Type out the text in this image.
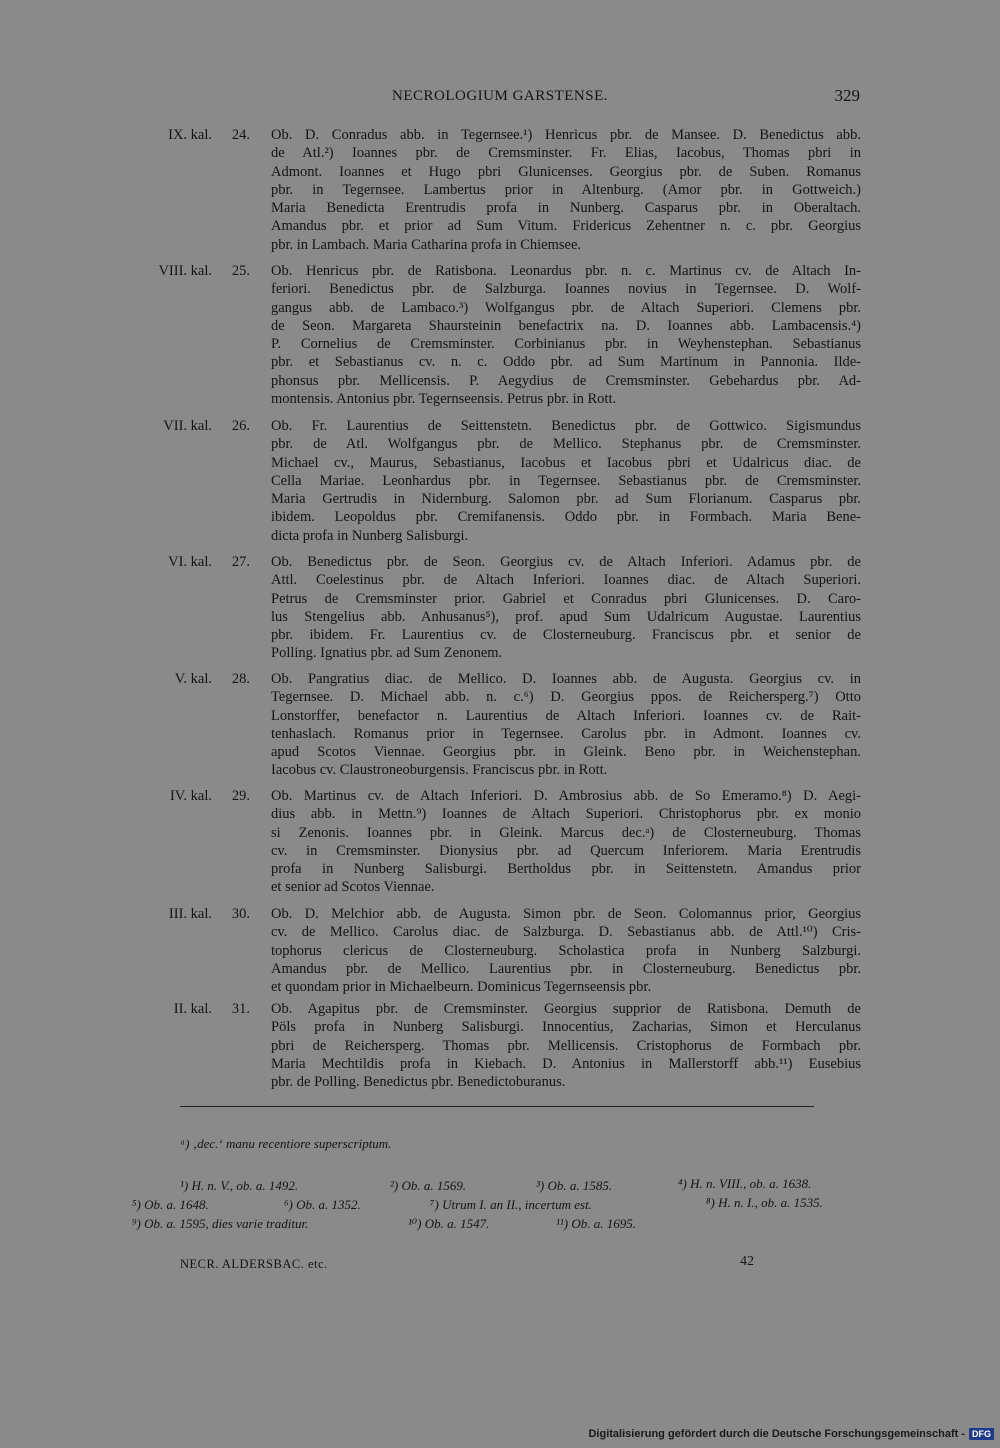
NECROLOGIUM GARSTENSE.	329
IX. kal.	24. Ob. D. Conradus abb. in Tegernsee.¹) Henricus pbr. de Mansee. D. Benedictus abb.
de Atl.²) Ioannes pbr. de Cremsminster. Fr. Elias, Iacobus, Thomas pbri in
Admont. Ioannes et Hugo pbri Glunicenses. Georgius pbr. de Suben. Romanus
pbr. in Tegernsee. Lambertus prior in Altenburg. (Amor pbr. in Gottweich.)
Maria Benedicta Erentrudis profa in Nunberg. Casparus pbr. in Oberaltach.
Amandus pbr. et prior ad Sum Vitum. Fridericus Zehentner n. c. pbr. Georgius
pbr. in Lambach. Maria Catharina profa in Chiemsee.
VIII. kal.	25. Ob. Henricus pbr. de Ratisbona. Leonardus pbr. n. c. Martinus cv. de Altach In-
feriori. Benedictus pbr. de Salzburga. Ioannes novius in Tegernsee. D. Wolf-
gangus abb. de Lambaco.³) Wolfgangus pbr. de Altach Superiori. Clemens pbr.
de Seon. Margareta Shaursteinin benefactrix na. D. Ioannes abb. Lambacensis.⁴)
P. Cornelius de Cremsminster. Corbinianus pbr. in Weyhenstephan. Sebastianus
pbr. et Sebastianus cv. n. c. Oddo pbr. ad Sum Martinum in Pannonia. Ilde-
phonsus pbr. Mellicensis. P. Aegydius de Cremsminster. Gebehardus pbr. Ad-
montensis. Antonius pbr. Tegernseensis. Petrus pbr. in Rott.
VII. kal.	26. Ob. Fr. Laurentius de Seittenstetn. Benedictus pbr. de Gottwico. Sigismundus
pbr. de Atl. Wolfgangus pbr. de Mellico. Stephanus pbr. de Cremsminster.
Michael cv., Maurus, Sebastianus, Iacobus et Iacobus pbri et Udalricus diac. de
Cella Mariae. Leonhardus pbr. in Tegernsee. Sebastianus pbr. de Cremsminster.
Maria Gertrudis in Nidernburg. Salomon pbr. ad Sum Florianum. Casparus pbr.
ibidem. Leopoldus pbr. Cremifanensis. Oddo pbr. in Formbach. Maria Bene-
dicta profa in Nunberg Salisburgi.
VI. kal.	27. Ob. Benedictus pbr. de Seon. Georgius cv. de Altach Inferiori. Adamus pbr. de
Attl. Coelestinus pbr. de Altach Inferiori. Ioannes diac. de Altach Superiori.
Petrus de Cremsminster prior. Gabriel et Conradus pbri Glunicenses. D. Caro-
lus Stengelius abb. Anhusanus⁵), prof. apud Sum Udalricum Augustae. Laurentius
pbr. ibidem. Fr. Laurentius cv. de Closterneuburg. Franciscus pbr. et senior de
Polling. Ignatius pbr. ad Sum Zenonem.
V. kal.	28. Ob. Pangratius diac. de Mellico. D. Ioannes abb. de Augusta. Georgius cv. in
Tegernsee. D. Michael abb. n. c.⁶) D. Georgius ppos. de Reichersperg.⁷) Otto
Lonstorffer, benefactor n. Laurentius de Altach Inferiori. Ioannes cv. de Rait-
tenhaslach. Romanus prior in Tegernsee. Carolus pbr. in Admont. Ioannes cv.
apud Scotos Viennae. Georgius pbr. in Gleink. Beno pbr. in Weichenstephan.
Iacobus cv. Claustroneoburgensis. Franciscus pbr. in Rott.
IV. kal.	29. Ob. Martinus cv. de Altach Inferiori. D. Ambrosius abb. de So Emeramo.⁸) D. Aegi-
dius abb. in Mettn.⁹) Ioannes de Altach Superiori. Christophorus pbr. ex monio
si Zenonis. Ioannes pbr. in Gleink. Marcus dec.ᵃ) de Closterneuburg. Thomas
cv. in Cremsminster. Dionysius pbr. ad Quercum Inferiorem. Maria Erentrudis
profa in Nunberg Salisburgi. Bertholdus pbr. in Seittenstetn. Amandus prior
et senior ad Scotos Viennae.
III. kal.	30. Ob. D. Melchior abb. de Augusta. Simon pbr. de Seon. Colomannus prior, Georgius
cv. de Mellico. Carolus diac. de Salzburga. D. Sebastianus abb. de Attl.¹⁰) Cris-
tophorus clericus de Closterneuburg. Scholastica profa in Nunberg Salzburgi.
Amandus pbr. de Mellico. Laurentius pbr. in Closterneuburg. Benedictus pbr.
et quondam prior in Michaelbeurn. Dominicus Tegernseensis pbr.
II. kal.	31. Ob. Agapitus pbr. de Cremsminster. Georgius supprior de Ratisbona. Demuth de
Pöls profa in Nunberg Salisburgi. Innocentius, Zacharias, Simon et Herculanus
pbri de Reichersperg. Thomas pbr. Mellicensis. Cristophorus de Formbach pbr.
Maria Mechtildis profa in Kiebach. D. Antonius in Mallerstorff abb.¹¹) Eusebius
pbr. de Polling. Benedictus pbr. Benedictoburanus.
ᵃ) ‚dec.‘ manu recentiore superscriptum.
¹) H. n. V., ob. a. 1492.	²) Ob. a. 1569.	³) Ob. a. 1585.	⁴) H. n. VIII., ob. a. 1638.
⁵) Ob. a. 1648.	⁶) Ob. a. 1352.	⁷) Utrum I. an II., incertum est.	⁸) H. n. I., ob. a. 1535.
⁹) Ob. a. 1595, dies varie traditur.	¹⁰) Ob. a. 1547.	¹¹) Ob. a. 1695.
NECR. ALDERSBAC. etc.	42
Digitalisierung gefördert durch die Deutsche Forschungsgemeinschaft - DFG
